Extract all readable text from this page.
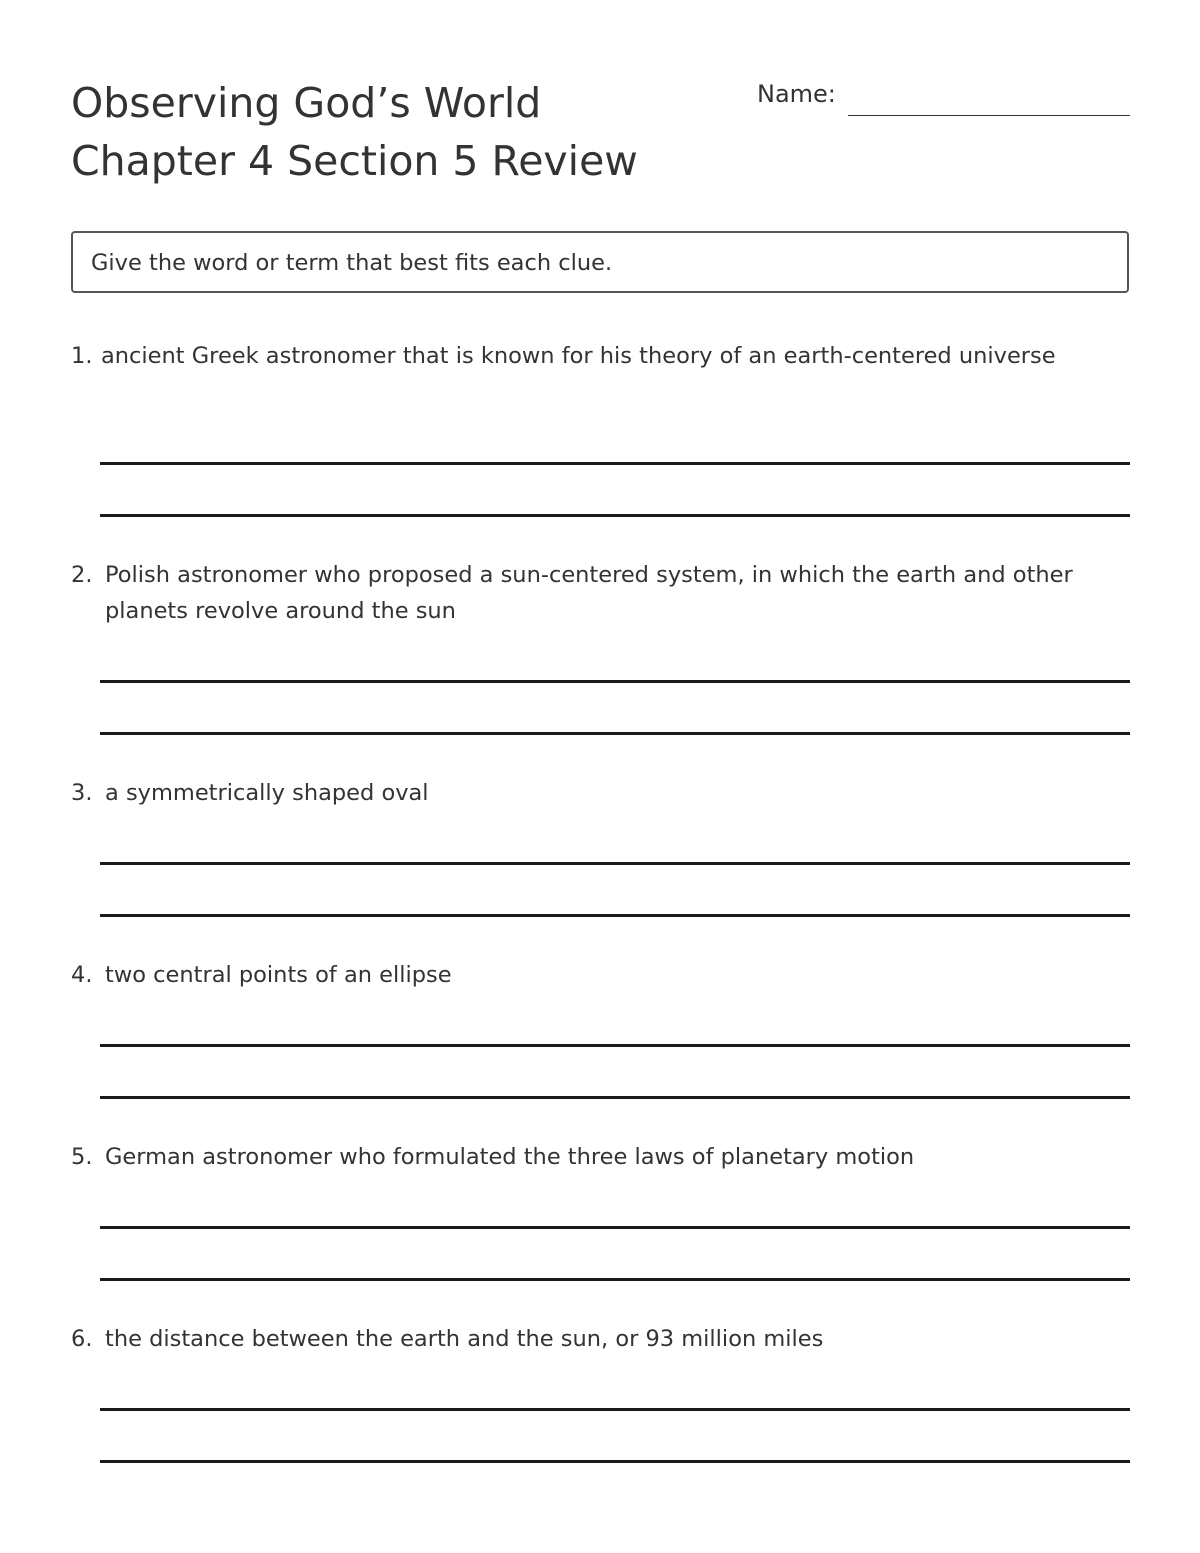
Observing God’s World
Chapter 4 Section 5 Review
Name:
Give the word or term that best fits each clue.
1. ancient Greek astronomer that is known for his theory of an earth-centered universe
2. Polish astronomer who proposed a sun-centered system, in which the earth and other planets revolve around the sun
3. a symmetrically shaped oval
4. two central points of an ellipse
5. German astronomer who formulated the three laws of planetary motion
6. the distance between the earth and the sun, or 93 million miles
